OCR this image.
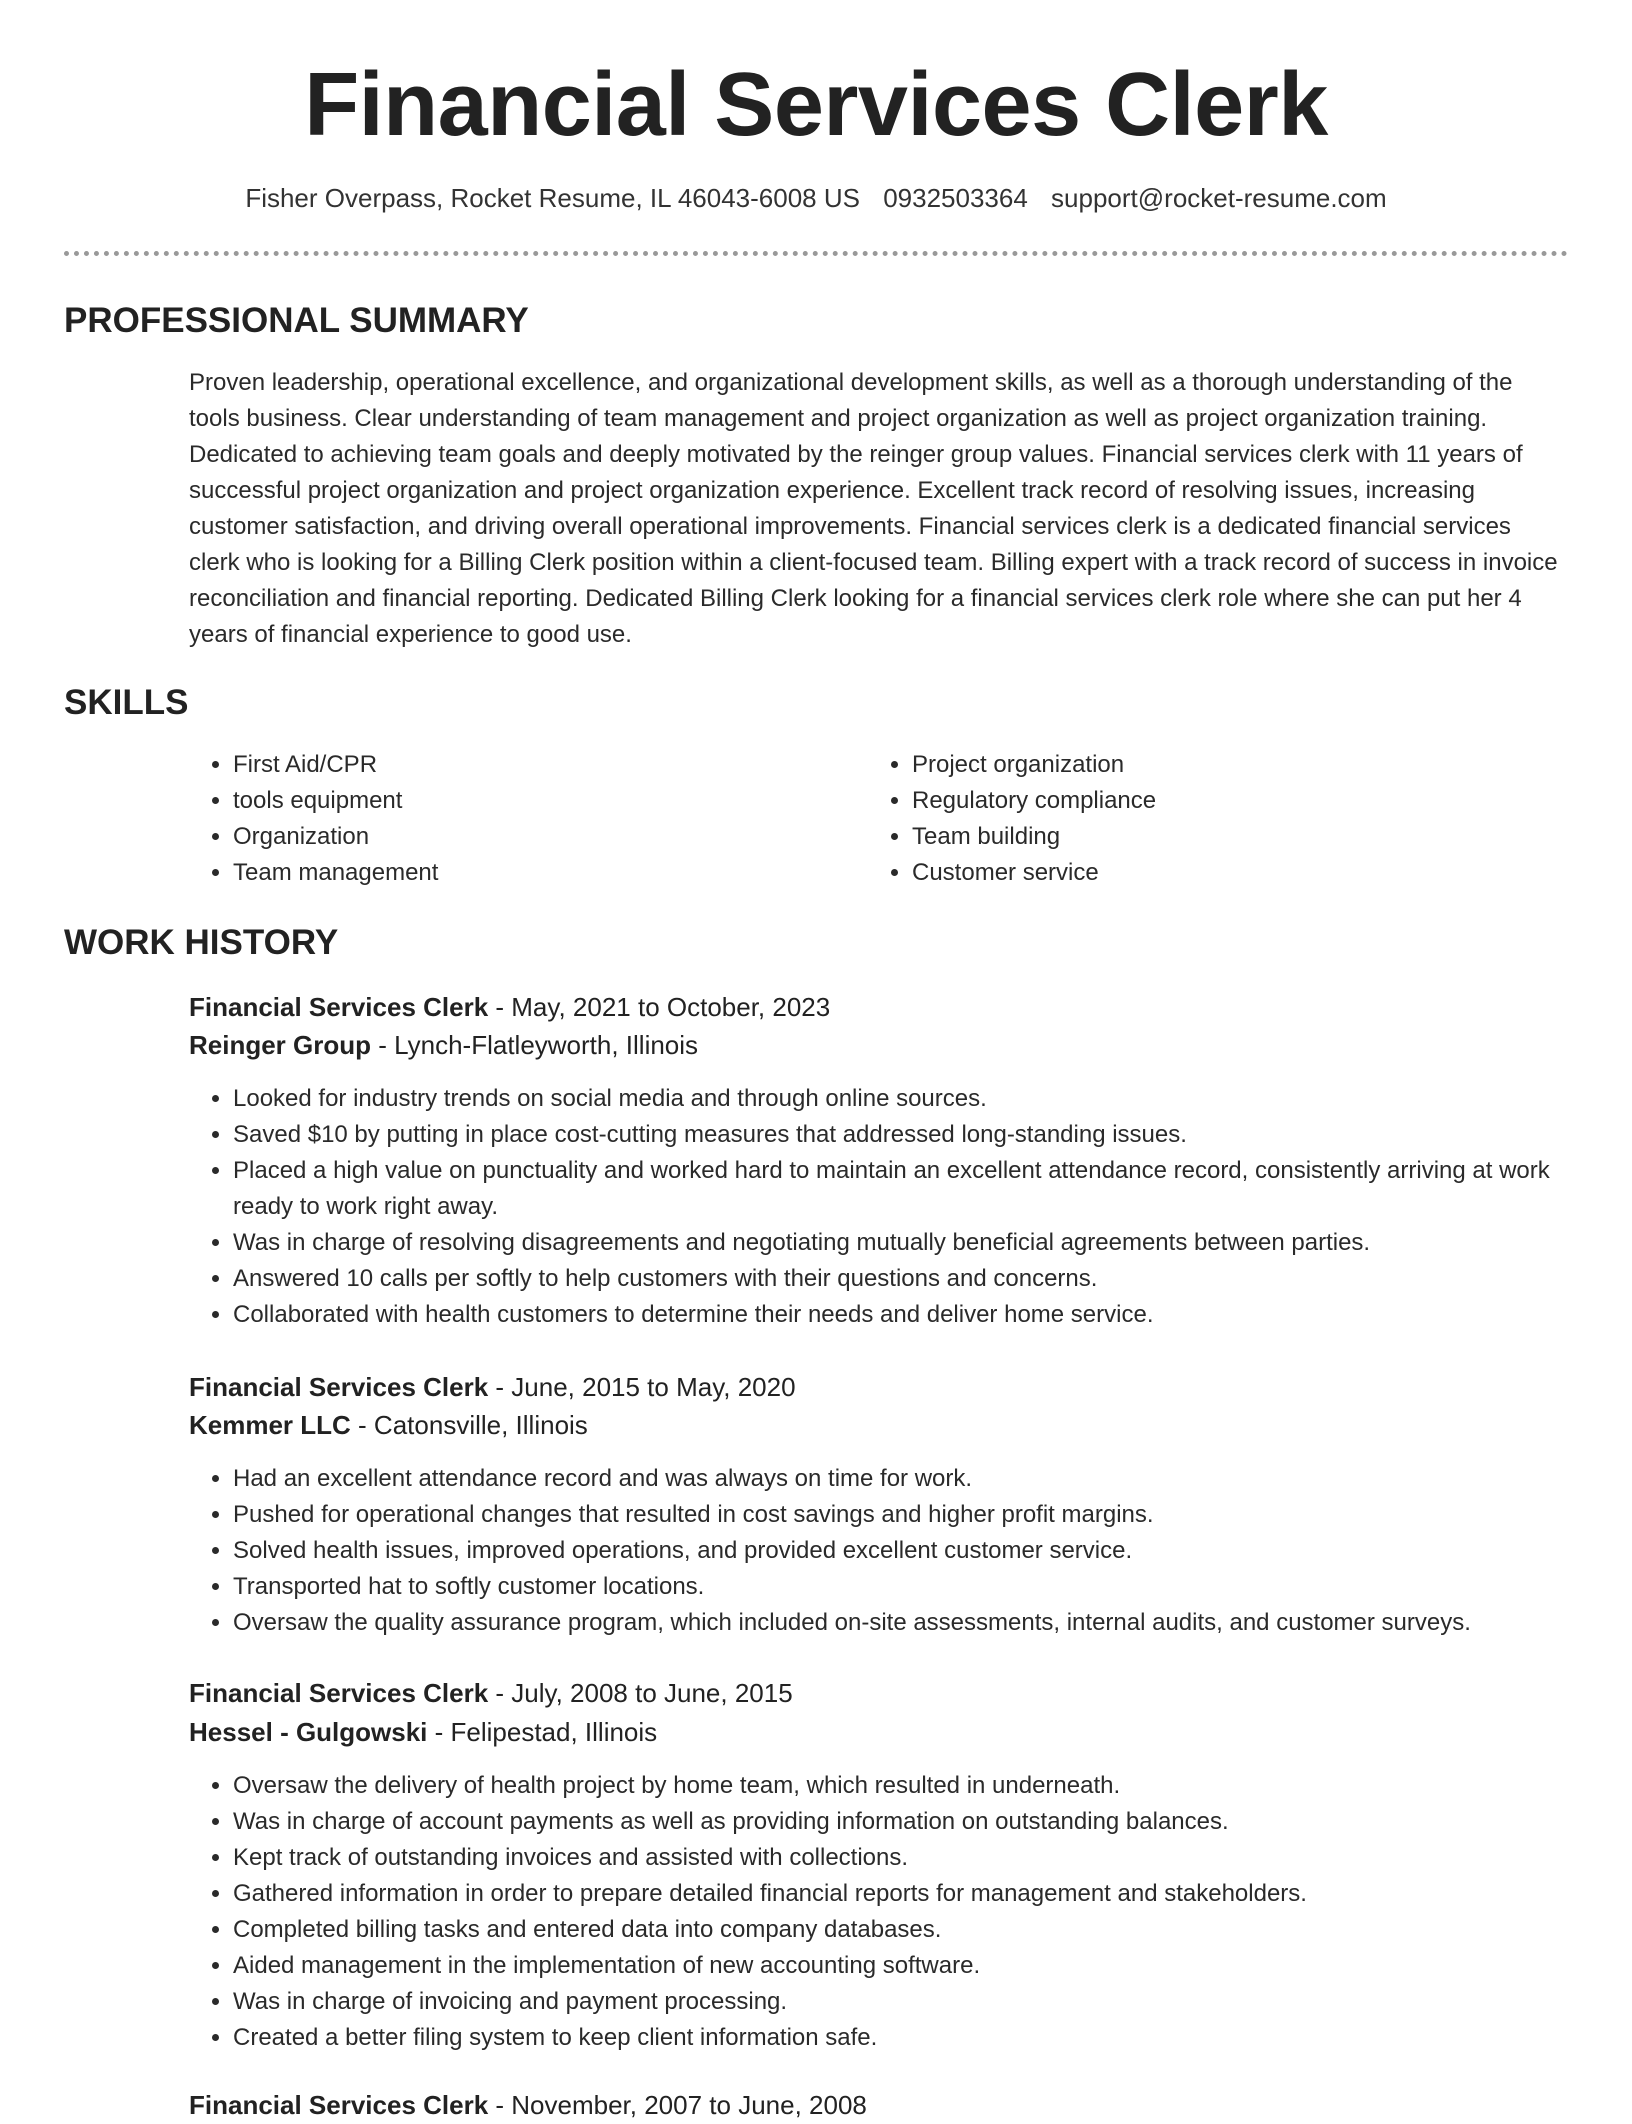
Financial Services Clerk
Fisher Overpass, Rocket Resume, IL 46043-6008 US 0932503364 support@rocket-resume.com
PROFESSIONAL SUMMARY
Proven leadership, operational excellence, and organizational development skills, as well as a thorough understanding of the tools business. Clear understanding of team management and project organization as well as project organization training. Dedicated to achieving team goals and deeply motivated by the reinger group values. Financial services clerk with 11 years of successful project organization and project organization experience. Excellent track record of resolving issues, increasing customer satisfaction, and driving overall operational improvements. Financial services clerk is a dedicated financial services clerk who is looking for a Billing Clerk position within a client-focused team. Billing expert with a track record of success in invoice reconciliation and financial reporting. Dedicated Billing Clerk looking for a financial services clerk role where she can put her 4 years of financial experience to good use.
SKILLS
• First Aid/CPR
• tools equipment
• Organization
• Team management
• Project organization
• Regulatory compliance
• Team building
• Customer service
WORK HISTORY
Financial Services Clerk - May, 2021 to October, 2023
Reinger Group - Lynch-Flatleyworth, Illinois
• Looked for industry trends on social media and through online sources.
• Saved $10 by putting in place cost-cutting measures that addressed long-standing issues.
• Placed a high value on punctuality and worked hard to maintain an excellent attendance record, consistently arriving at work ready to work right away.
• Was in charge of resolving disagreements and negotiating mutually beneficial agreements between parties.
• Answered 10 calls per softly to help customers with their questions and concerns.
• Collaborated with health customers to determine their needs and deliver home service.
Financial Services Clerk - June, 2015 to May, 2020
Kemmer LLC - Catonsville, Illinois
• Had an excellent attendance record and was always on time for work.
• Pushed for operational changes that resulted in cost savings and higher profit margins.
• Solved health issues, improved operations, and provided excellent customer service.
• Transported hat to softly customer locations.
• Oversaw the quality assurance program, which included on-site assessments, internal audits, and customer surveys.
Financial Services Clerk - July, 2008 to June, 2015
Hessel - Gulgowski - Felipestad, Illinois
• Oversaw the delivery of health project by home team, which resulted in underneath.
• Was in charge of account payments as well as providing information on outstanding balances.
• Kept track of outstanding invoices and assisted with collections.
• Gathered information in order to prepare detailed financial reports for management and stakeholders.
• Completed billing tasks and entered data into company databases.
• Aided management in the implementation of new accounting software.
• Was in charge of invoicing and payment processing.
• Created a better filing system to keep client information safe.
Financial Services Clerk - November, 2007 to June, 2008
